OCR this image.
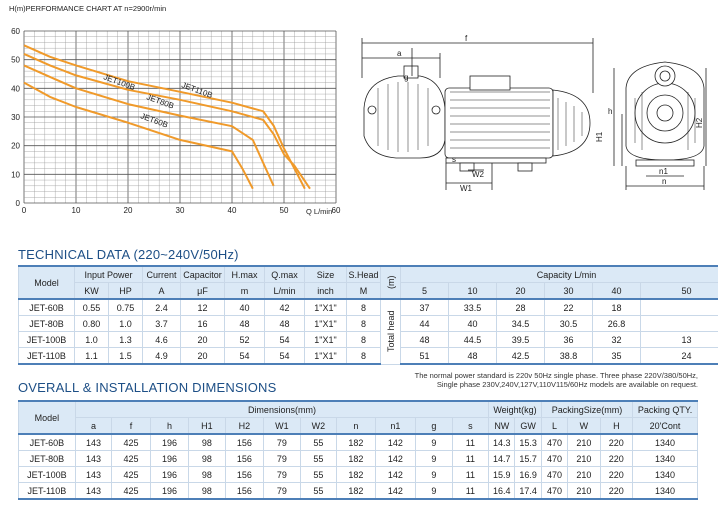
H(m)PERFORMANCE CHART AT n=2900r/min
Q L/min
0	10	20	30	40	50	60
0
10
20
30
40
50
60
JET100B	JET110B
JET80B
JET60B
f
a
W1
W2
s
g
h
H1
H2
n1
n
TECHNICAL DATA (220~240V/50Hz)
Model	Input Power		Current	Capacitor	H.max	Q.max	Size	S.Head	(m)	Capacity L/min					
	KW	HP	A	μF	m	L/min	inch	M		5	10	20	30	40	50
JET-60B	0.55	0.75	2.4	12	40	42	1"X1"	8	Total head	37	33.5	28	22	18	
JET-80B	0.80	1.0	3.7	16	48	48	1"X1"	8		44	40	34.5	30.5	26.8	
JET-100B	1.0	1.3	4.6	20	52	54	1"X1"	8		48	44.5	39.5	36	32	13
JET-110B	1.1	1.5	4.9	20	54	54	1"X1"	8		51	48	42.5	38.8	35	24
The normal power standard is 220v 50Hz single phase. Three phase 220V/380/50Hz,
Single phase 230V,240V,127V,110V115/60Hz models are available on request.
OVERALL & INSTALLATION DIMENSIONS
Model	Dimensions(mm)											Weight(kg)		PackingSize(mm)			Packing QTY.
	a	f	h	H1	H2	W1	W2	n	n1	g	s	NW	GW	L	W	H	20'Cont
JET-60B	143	425	196	98	156	79	55	182	142	9	11	14.3	15.3	470	210	220	1340
JET-80B	143	425	196	98	156	79	55	182	142	9	11	14.7	15.7	470	210	220	1340
JET-100B	143	425	196	98	156	79	55	182	142	9	11	15.9	16.9	470	210	220	1340
JET-110B	143	425	196	98	156	79	55	182	142	9	11	16.4	17.4	470	210	220	1340
